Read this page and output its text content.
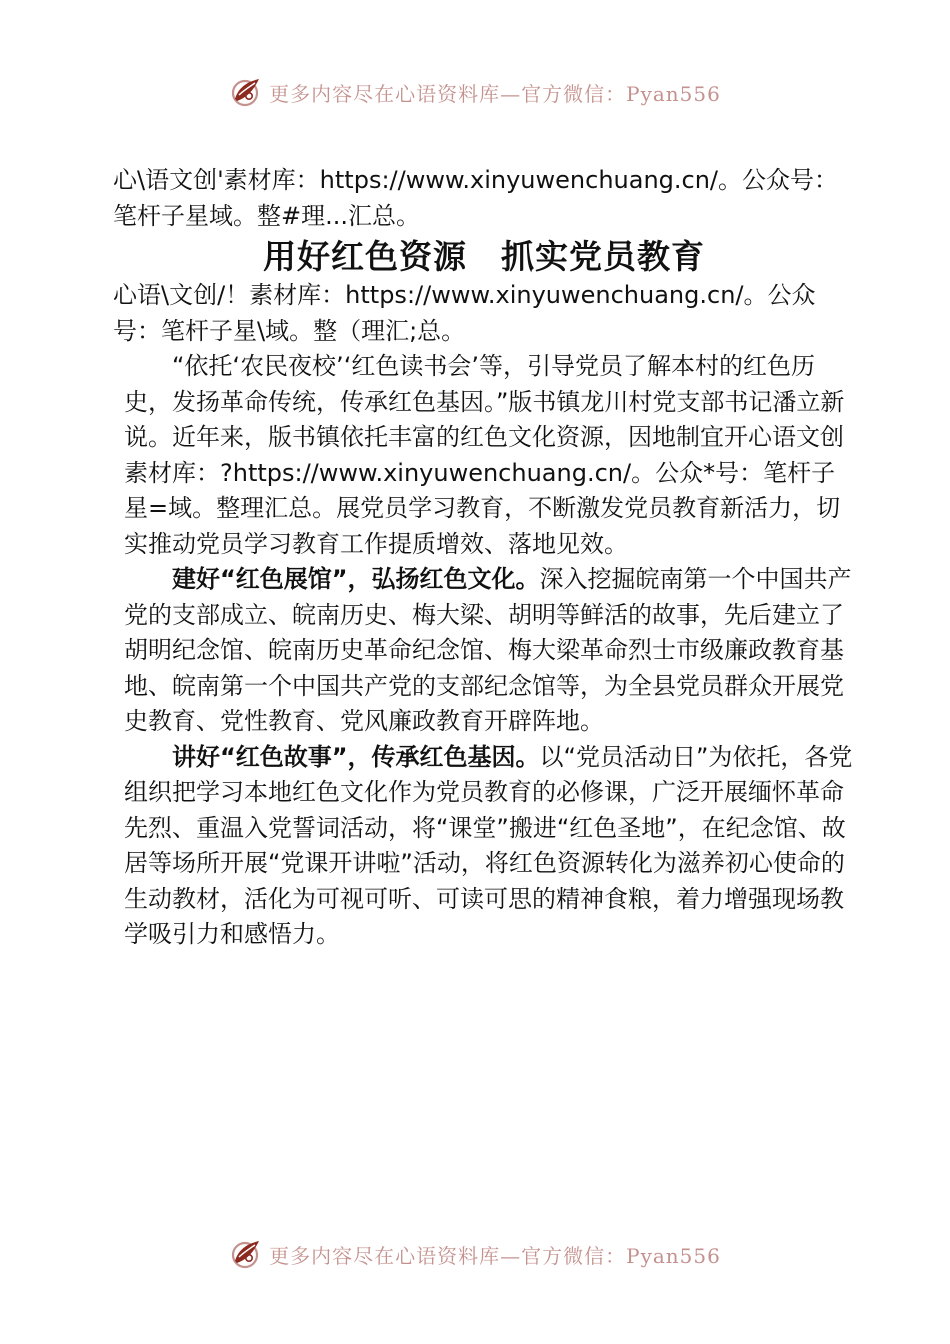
更多内容尽在心语资料库—官方微信：Pyan556

心\语文创'素材库：https://www.xinyuwenchuang.cn/。公众号：笔杆子星域。整#理...汇总。

用好红色资源　抓实党员教育

心语\文创/！素材库：https://www.xinyuwenchuang.cn/。公众号：笔杆子星\域。整（理汇;总。

“依托‘农民夜校’‘红色读书会’等，引导党员了解本村的红色历史，发扬革命传统，传承红色基因。”版书镇龙川村党支部书记潘立新说。近年来，版书镇依托丰富的红色文化资源，因地制宜开心语文创素材库：?https://www.xinyuwenchuang.cn/。公众*号：笔杆子星=域。整理汇总。展党员学习教育，不断激发党员教育新活力，切实推动党员学习教育工作提质增效、落地见效。

建好“红色展馆”，弘扬红色文化。深入挖掘皖南第一个中国共产党的支部成立、皖南历史、梅大梁、胡明等鲜活的故事，先后建立了胡明纪念馆、皖南历史革命纪念馆、梅大梁革命烈士市级廉政教育基地、皖南第一个中国共产党的支部纪念馆等，为全县党员群众开展党史教育、党性教育、党风廉政教育开辟阵地。

讲好“红色故事”，传承红色基因。以“党员活动日”为依托，各党组织把学习本地红色文化作为党员教育的必修课，广泛开展缅怀革命先烈、重温入党誓词活动，将“课堂”搬进“红色圣地”，在纪念馆、故居等场所开展“党课开讲啦”活动，将红色资源转化为滋养初心使命的生动教材，活化为可视可听、可读可思的精神食粮，着力增强现场教学吸引力和感悟力。

更多内容尽在心语资料库—官方微信：Pyan556
